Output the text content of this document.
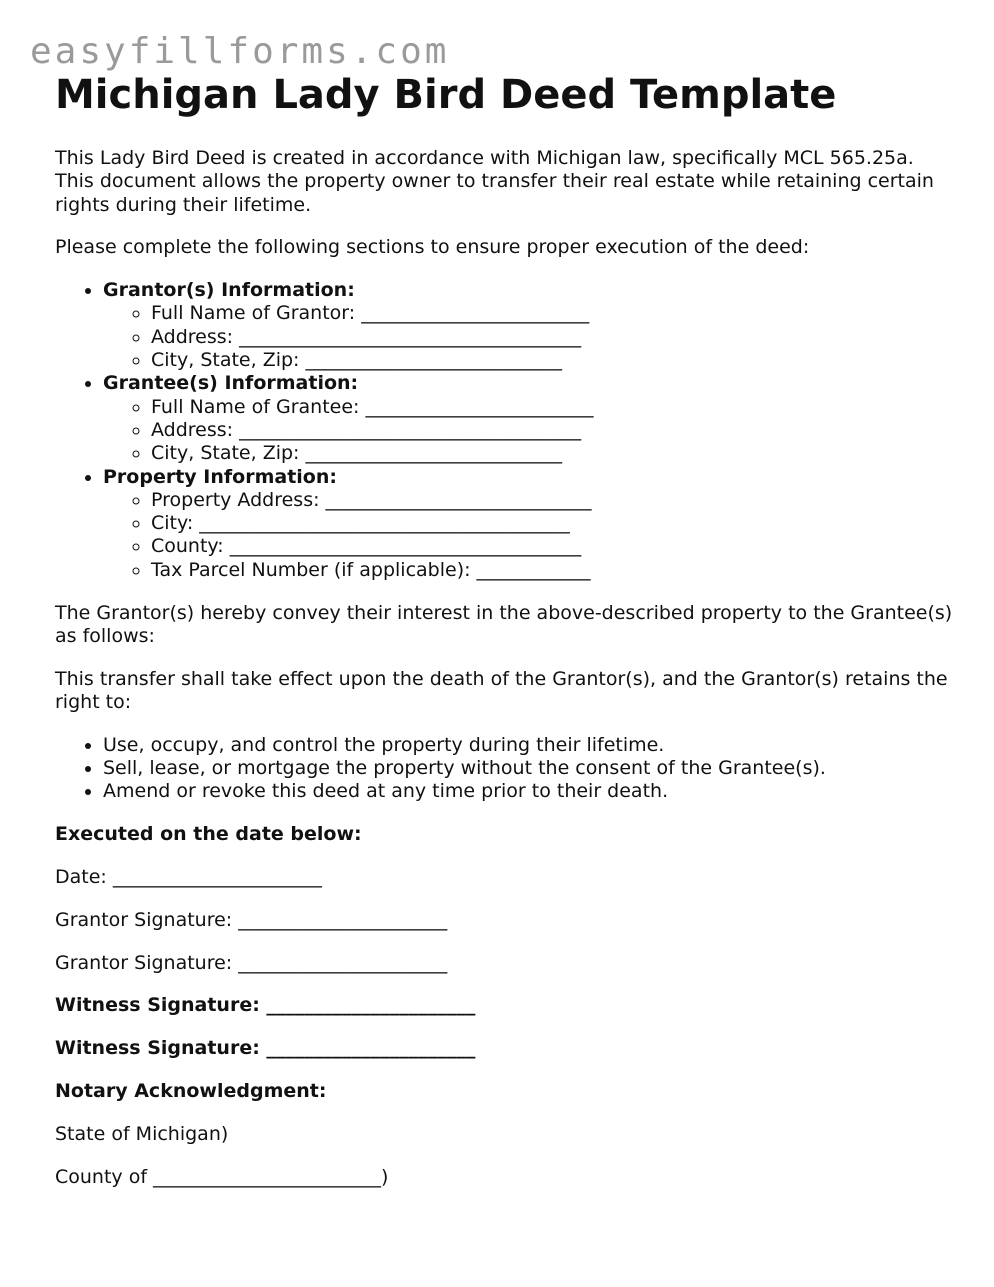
easyfillforms.com
Michigan Lady Bird Deed Template

This Lady Bird Deed is created in accordance with Michigan law, specifically MCL 565.25a. This document allows the property owner to transfer their real estate while retaining certain rights during their lifetime.

Please complete the following sections to ensure proper execution of the deed:

• Grantor(s) Information:
◦ Full Name of Grantor: ________________________
◦ Address: ____________________________________
◦ City, State, Zip: ___________________________
• Grantee(s) Information:
◦ Full Name of Grantee: ________________________
◦ Address: ____________________________________
◦ City, State, Zip: ___________________________
• Property Information:
◦ Property Address: ____________________________
◦ City: _______________________________________
◦ County: _____________________________________
◦ Tax Parcel Number (if applicable): ____________

The Grantor(s) hereby convey their interest in the above-described property to the Grantee(s) as follows:

This transfer shall take effect upon the death of the Grantor(s), and the Grantor(s) retains the right to:

• Use, occupy, and control the property during their lifetime.
• Sell, lease, or mortgage the property without the consent of the Grantee(s).
• Amend or revoke this deed at any time prior to their death.

Executed on the date below:

Date: ______________________

Grantor Signature: ______________________

Grantor Signature: ______________________

Witness Signature: ______________________

Witness Signature: ______________________

Notary Acknowledgment:

State of Michigan)

County of ________________________)
